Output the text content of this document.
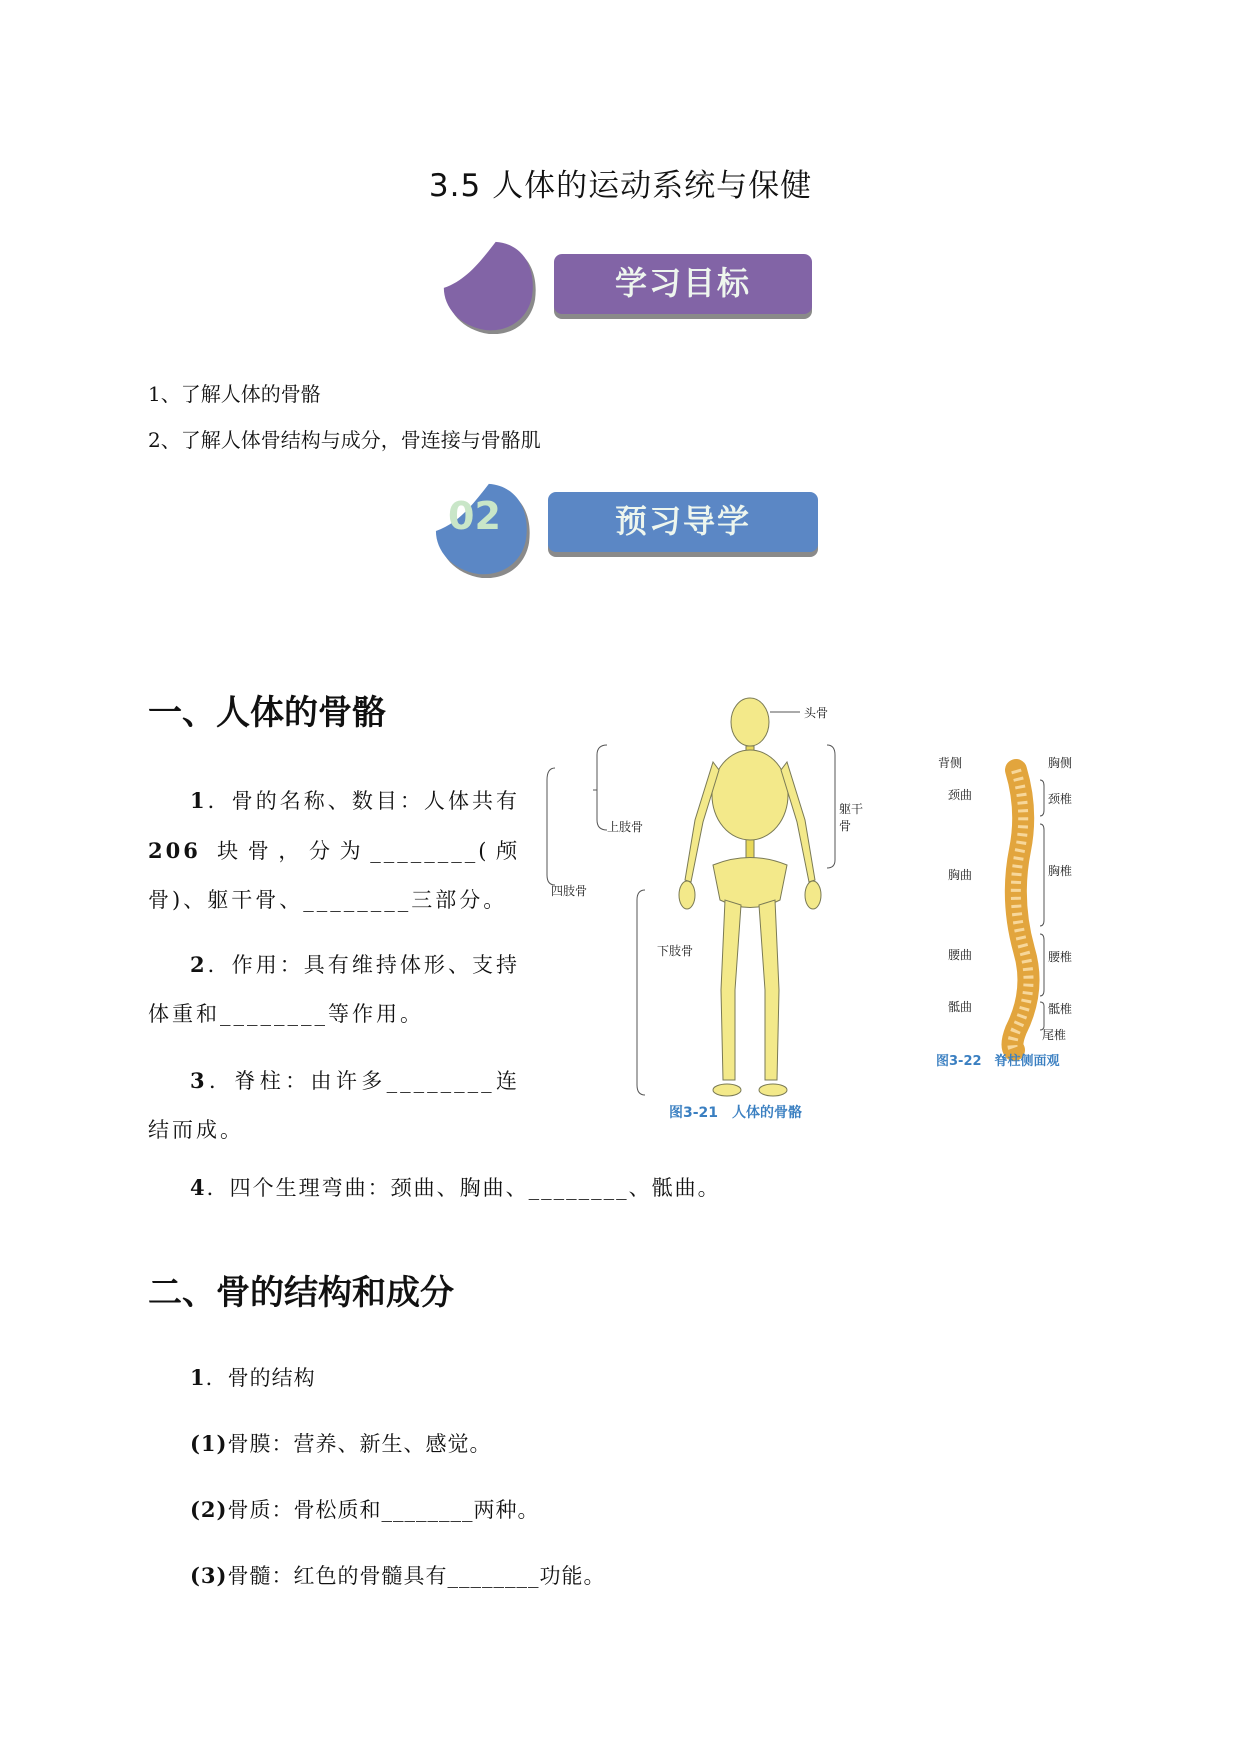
3.5 人体的运动系统与保健
学习目标
1、了解人体的骨骼
2、了解人体骨结构与成分，骨连接与骨骼肌
02	预习导学
一、人体的骨骼
1．骨的名称、数目：人体共有206 块骨，分为________(颅骨)、躯干骨、________三部分。
2．作用：具有维持体形、支持体重和________等作用。
3．脊柱：由许多________连结而成。
4．四个生理弯曲：颈曲、胸曲、________、骶曲。
头骨
躯干骨
上肢骨
四肢骨
下肢骨
图3-21　人体的骨骼
背侧	胸侧
颈曲	颈椎
胸曲	胸椎
腰曲	腰椎
骶曲	骶椎
尾椎
图3-22　脊柱侧面观
二、骨的结构和成分
1．骨的结构
(1)骨膜：营养、新生、感觉。
(2)骨质：骨松质和________两种。
(3)骨髓：红色的骨髓具有________功能。
